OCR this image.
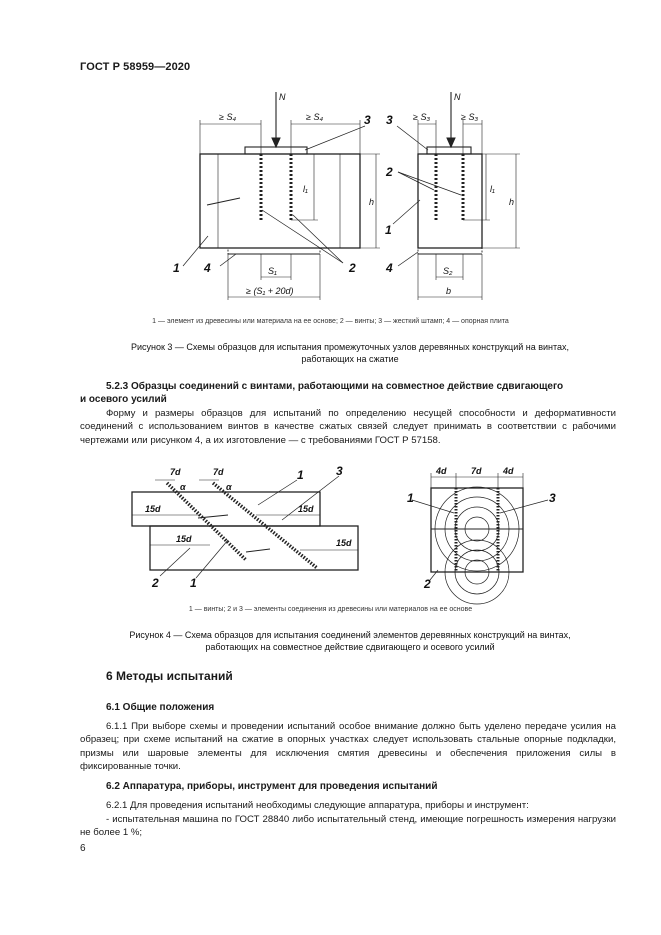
ГОСТ Р 58959—2020
N	N
≥ S₄	≥ S₄	≥ S₃	≥ S₃
h	h
l₁	l₁
S₁	S₂
≥ (S₁ + 20d)	b
1	2
3
4
1
2
3
4
1 — элемент из древесины или материала на ее основе; 2 — винты; 3 — жесткий штамп; 4 — опорная плита
Рисунок 3 — Схемы образцов для испытания промежуточных узлов деревянных конструкций на винтах,
работающих на сжатие
5.2.3 Образцы соединений с винтами, работающими на совместное действие сдвигающего
и осевого усилий
Форму и размеры образцов для испытаний по определению несущей способности и деформативности соединений с использованием винтов в качестве сжатых связей следует принимать в соответствии с рабочими чертежами или рисунком 4, а их изготовление — с требованиями ГОСТ Р 57158.
7d	7d
α	α
15d	15d
15d	15d
4d	7d 4d
2	1
1	3
1
2
3
1 — винты; 2 и 3 — элементы соединения из древесины или материалов на ее основе
Рисунок 4 — Схема образцов для испытания соединений элементов деревянных конструкций на винтах,
работающих на совместное действие сдвигающего и осевого усилий
6 Методы испытаний
6.1 Общие положения
6.1.1 При выборе схемы и проведении испытаний особое внимание должно быть уделено передаче усилия на образец; при схеме испытаний на сжатие в опорных участках следует использовать стальные опорные подкладки, призмы или шаровые элементы для исключения смятия древесины и обеспечения приложения силы в фиксированные точки.
6.2 Аппаратура, приборы, инструмент для проведения испытаний
6.2.1 Для проведения испытаний необходимы следующие аппаратура, приборы и инструмент:
- испытательная машина по ГОСТ 28840 либо испытательный стенд, имеющие погрешность измерения нагрузки не более 1 %;
6
